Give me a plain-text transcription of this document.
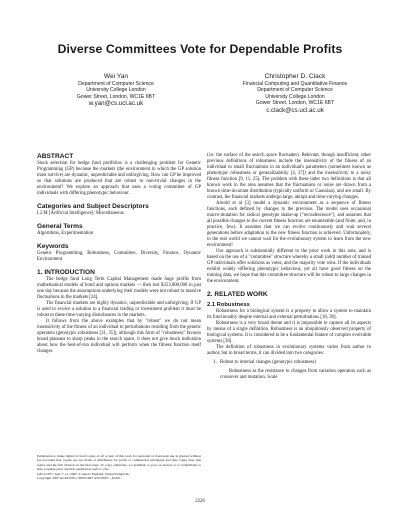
Diverse Committees Vote for Dependable Profits
Wei Yan
Department of Computer Science
University College London
Gower Street, London, WC1E 6BT
w.yan@cs.ucl.ac.uk
Christopher D. Clack
Financial Computing and Quantitative Finance
Department of Computer Science
University College London
Gower Street, London, WC1E 6BT
c.clack@cs.ucl.ac.uk
ABSTRACT

Stock selection for hedge fund portfolios is a challenging problem for Genetic Programming (GP) because the markets (the environment in which the GP solution must survive) are dynamic, unpredictable and unforgiving. How can GP be improved so that solutions are produced that are robust to non-trivial changes in the environment? We explore an approach that uses a voting committee of GP individuals with differing phenotypic behaviour.

Categories and Subject Descriptors

I.2.M [Artificial Intelligence]: Miscellaneous

General Terms

Algorithms, Experimentation

Keywords

Genetic Programming, Robustness, Committee, Diversity, Finance, Dynamic Environment

1. INTRODUCTION

The hedge fund Long Term Capital Management made huge profits from mathematical models of bond and options markets — then lost $353,000,000 in just one day because the assumptions underlying their models were not robust to massive fluctuations in the markets [24].

The financial markets are highly dynamic, unpredictable and unforgiving. If GP is used to evolve a solution to a financial trading or investment problem it must be robust to these time-varying disturbances in the markets.

It follows from the above examples that by "robust" we do not mean insensitivity of the fitness of an individual to perturbations resulting from the genetic operators (genotypic robustness [31, 35]), although this form of "robustness" favours broad plateaus to sharp peaks in the search space, it does not give much indication about how the best-of-run individual will perform when the fitness function itself changes

Permission to make digital or hard copies of all or part of this work for personal or classroom use is granted without fee provided that copies are not made or distributed for profit or commercial advantage and that copies bear this notice and the full citation on the first page. To copy otherwise, to republish, to post on servers or to redistribute to lists, requires prior specific permission and/or a fee.
GECCO'07, July 7–11, 2007, London, England, United Kingdom.
Copyright 2007 ACM 978-1-59593-697-4/07/0007 ...$5.00.

(i.e. the surface of the search space fluctuates). Relevant, though insufficient, other previous definitions of robustness include the insensitivity of the fitness of an individual to small fluctuations in an individual's parameters (sometimes known as phenotypic robustness or generalizability [4, 37]) and the insensitivity to a noisy fitness function [9, 11, 25]. The problem with these latter two definitions is that all known work in the area assumes that the fluctuations or noise are drawn from a known time-invariant distribution (typically uniform or Gaussian), and are small. By contrast, the financial markets undergo large, abrupt and time-varying changes.

Arnold et al [3] model a dynamic environment as a sequence of fitness functions, each defined by changes to the previous. The model uses occasional macro-mutation for radical genotype shake-up ("recrudescence"), and assumes that all possible changes to the current fitness function are enumerable (and finite, and, in practice, few). It assumes that we can evolve continuously and wait several generations before adaptation to the new fitness function is achieved. Unfortunately, in the real world we cannot wait for the evolutionary system to learn from the new environment!

Our approach is substantially different to the prior work in this area, and is based on the use of a "committee" structure whereby a small (odd) number of trained GP individuals offer solutions as votes, and the majority vote wins. If the individuals exhibit widely differing phenotypic behaviour, yet all have good fitness on the training data, we hope that this committee structure will be robust to large changes in the environment.

2. RELATED WORK
2.1 Robustness

Robustness for a biological system is a property to allow a system to maintain its functionality despite internal and external perturbations [18, 38].

Robustness is a very broad theme and it is impossible to capture all its aspects by means of a single definition. Robustness is an ubiquitously observed property of biological systems. It is considered to be a fundamental feature of complex evolvable systems [38].

The definition of robustness in evolutionary systems varies from author to author, but in broad terms, it can divided into two categories:

1. Robust to internal changes (genotypic robustness)

Robustness as the resistance to changes from variation operators such as crossover and mutation. Scale

2226
